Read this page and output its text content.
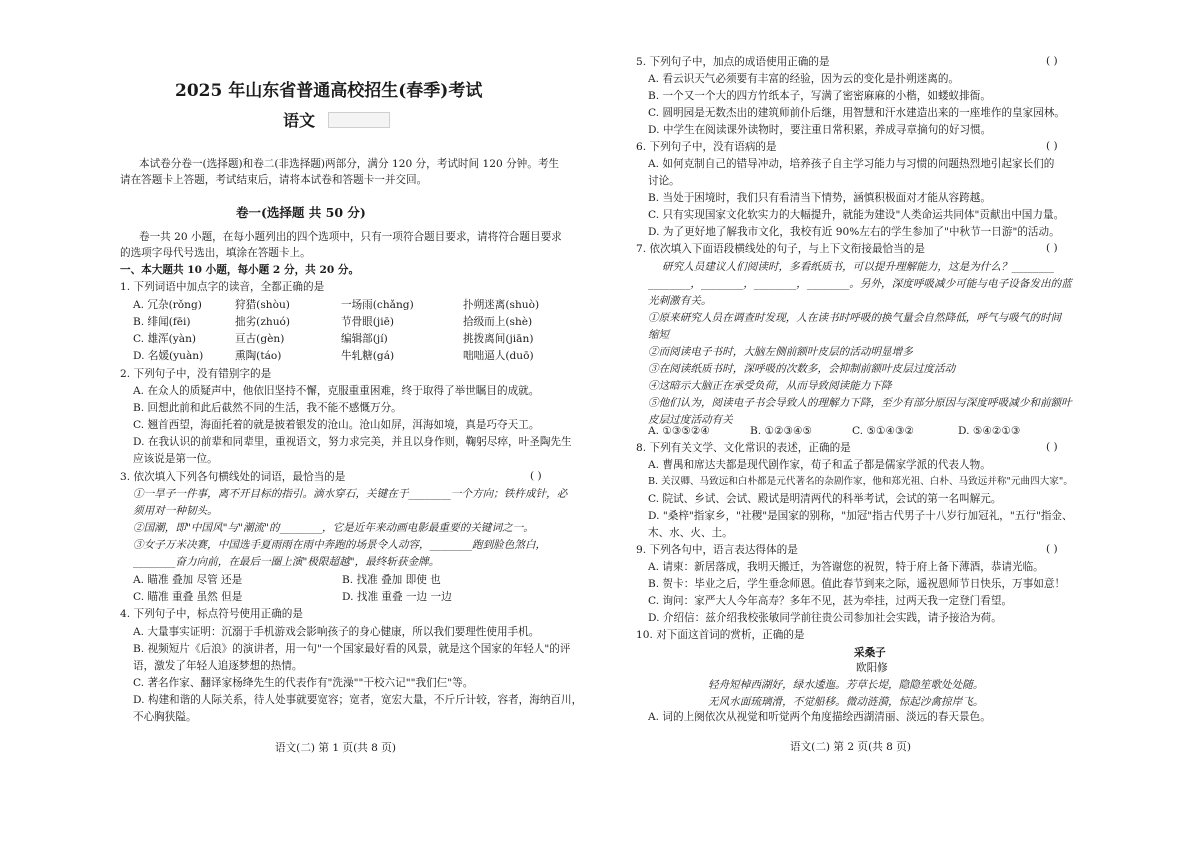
2025 年山东省普通高校招生(春季)考试
语文
本试卷分卷一(选择题)和卷二(非选择题)两部分，满分 120 分，考试时间 120 分钟。考生
请在答题卡上答题，考试结束后，请将本试卷和答题卡一并交回。
卷一(选择题 共 50 分)
卷一共 20 小题，在每小题列出的四个选项中，只有一项符合题目要求，请将符合题目要求
的选项字母代号选出，填涂在答题卡上。
一、本大题共 10 小题，每小题 2 分，共 20 分。
1. 下列词语中加点字的读音，全都正确的是
A. 冗杂(rǒng)	狩猎(shòu)	一场雨(chǎng)	扑朔迷离(shuò)
B. 绯闻(fēi)	拙劣(zhuó)	节骨眼(jiē)	拾级而上(shè)
C. 雄浑(yàn)	亘古(gèn)	编辑部(jí)	挑拨离间(jiān)
D. 名媛(yuàn)	熏陶(táo)	牛轧糖(gá)	咄咄逼人(duō)
2. 下列句子中，没有错别字的是
A. 在众人的质疑声中，他依旧坚持不懈，克服重重困难，终于取得了举世瞩目的成就。
B. 回想此前和此后截然不同的生活，我不能不感慨万分。
C. 翘首西望，海面托着的就是披着银发的沧山。沧山如屏，洱海如境，真是巧夺天工。
D. 在我认识的前辈和同辈里，重视语文，努力求完美，并且以身作则，鞠躬尽瘁，叶圣陶先生
应该说是第一位。
3. 依次填入下列各句横线处的词语，最恰当的是	( )
①一旱子一件事，离不开目标的指引。滴水穿石，关键在于________一个方向；铁杵成针，必
须用对一种韧头。
②国潮，即"中国风"与"潮流"的________，它是近年来动画电影最重要的关键词之一。
③女子万米决赛，中国选手夏雨雨在雨中奔跑的场景令人动容，________跑到脸色煞白，
________奋力向前，在最后一圈上演"极限超越"，最终斩获金牌。
A. 瞄准 叠加 尽管 还是	B. 找准 叠加 即使 也
C. 瞄准 重叠 虽然 但是	D. 找准 重叠 一边 一边
4. 下列句子中，标点符号使用正确的是
A. 大量事实证明：沉溺于手机游戏会影响孩子的身心健康，所以我们要理性使用手机。
B. 视频短片《后浪》的演讲者，用一句"一个国家最好看的风景，就是这个国家的年轻人"的评
语，激发了年轻人追逐梦想的热情。
C. 著名作家、翻译家杨绛先生的代表作有"洗澡""干校六记""我们仨"等。
D. 构建和谐的人际关系，待人处事就要宽容；宽者，宽宏大量，不斤斤计较，容者，海纳百川，
不心胸狭隘。
语文(二) 第 1 页(共 8 页)
5. 下列句子中，加点的成语使用正确的是	( )
A. 看云识天气必须要有丰富的经验，因为云的变化是扑朔迷离的。
B. 一个又一个大的四方竹纸本子，写满了密密麻麻的小楷，如蝼蚁排衙。
C. 圆明园是无数杰出的建筑师前仆后继，用智慧和汗水建造出来的一座堆作的皇家园林。
D. 中学生在阅读课外读物时，要注重日常积累，养成寻章摘句的好习惯。
6. 下列句子中，没有语病的是	( )
A. 如何克制自己的错导冲动，培养孩子自主学习能力与习惯的问题热烈地引起家长们的
讨论。
B. 当处于困境时，我们只有看清当下情势，涵慎积极面对才能从容跨越。
C. 只有实现国家文化软实力的大幅提升，就能为建设"人类命运共同体"贡献出中国力量。
D. 为了更好地了解我市文化，我校有近 90%左右的学生参加了"中秋节一日游"的活动。
7. 依次填入下面语段横线处的句子，与上下文衔接最恰当的是	( )
研究人员建议人们阅读时，多看纸质书，可以提升理解能力，这是为什么？________
________，________，________，________。另外，深度呼吸减少可能与电子设备发出的蓝
光刺激有关。
①原来研究人员在调查时发现，人在读书时呼吸的换气量会自然降低，呼气与吸气的时间
缩短
②而阅读电子书时，大脑左侧前额叶皮层的活动明显增多
③在阅读纸质书时，深呼吸的次数多，会抑制前额叶皮层过度活动
④这暗示大脑正在承受负荷，从而导致阅读能力下降
⑤他们认为，阅读电子书会导致人的理解力下降，至少有部分原因与深度呼吸减少和前额叶
皮层过度活动有关
A. ①③⑤②④	B. ①②③④⑤	C. ⑤①④③②	D. ⑤④②①③
8. 下列有关文学、文化常识的表述，正确的是	( )
A. 曹禺和席达夫都是现代剧作家，荀子和孟子都是儒家学派的代表人物。
B. 关汉卿、马致远和白朴都是元代著名的杂剧作家，他和郑光祖、白朴、马致远并称"元曲四大家"。
C. 院试、乡试、会试、殿试是明清两代的科举考试，会试的第一名叫解元。
D. "桑梓"指家乡，"社稷"是国家的别称，"加冠"指古代男子十八岁行加冠礼，"五行"指金、
木、水、火、土。
9. 下列各句中，语言表达得体的是	( )
A. 请柬：新居落成，我明天搬迁，为答谢您的祝贺，特于府上备下薄酒，恭请光临。
B. 贺卡：毕业之后，学生垂念师恩。值此春节到来之际，遥祝恩师节日快乐，万事如意！
C. 询问：家严大人今年高寿？多年不见，甚为牵挂，过两天我一定登门看望。
D. 介绍信：兹介绍我校张敏同学前往贵公司参加社会实践，请予接洽为荷。
10. 对下面这首词的赏析，正确的是
采桑子
欧阳修
轻舟短棹西湖好，绿水逶迤。芳草长堤，隐隐笙歌处处随。
无风水面琉璃滑，不觉船移。微动涟漪，惊起沙禽掠岸飞。
A. 词的上阕依次从视觉和听觉两个角度描绘西湖清丽、淡远的春天景色。
语文(二) 第 2 页(共 8 页)
